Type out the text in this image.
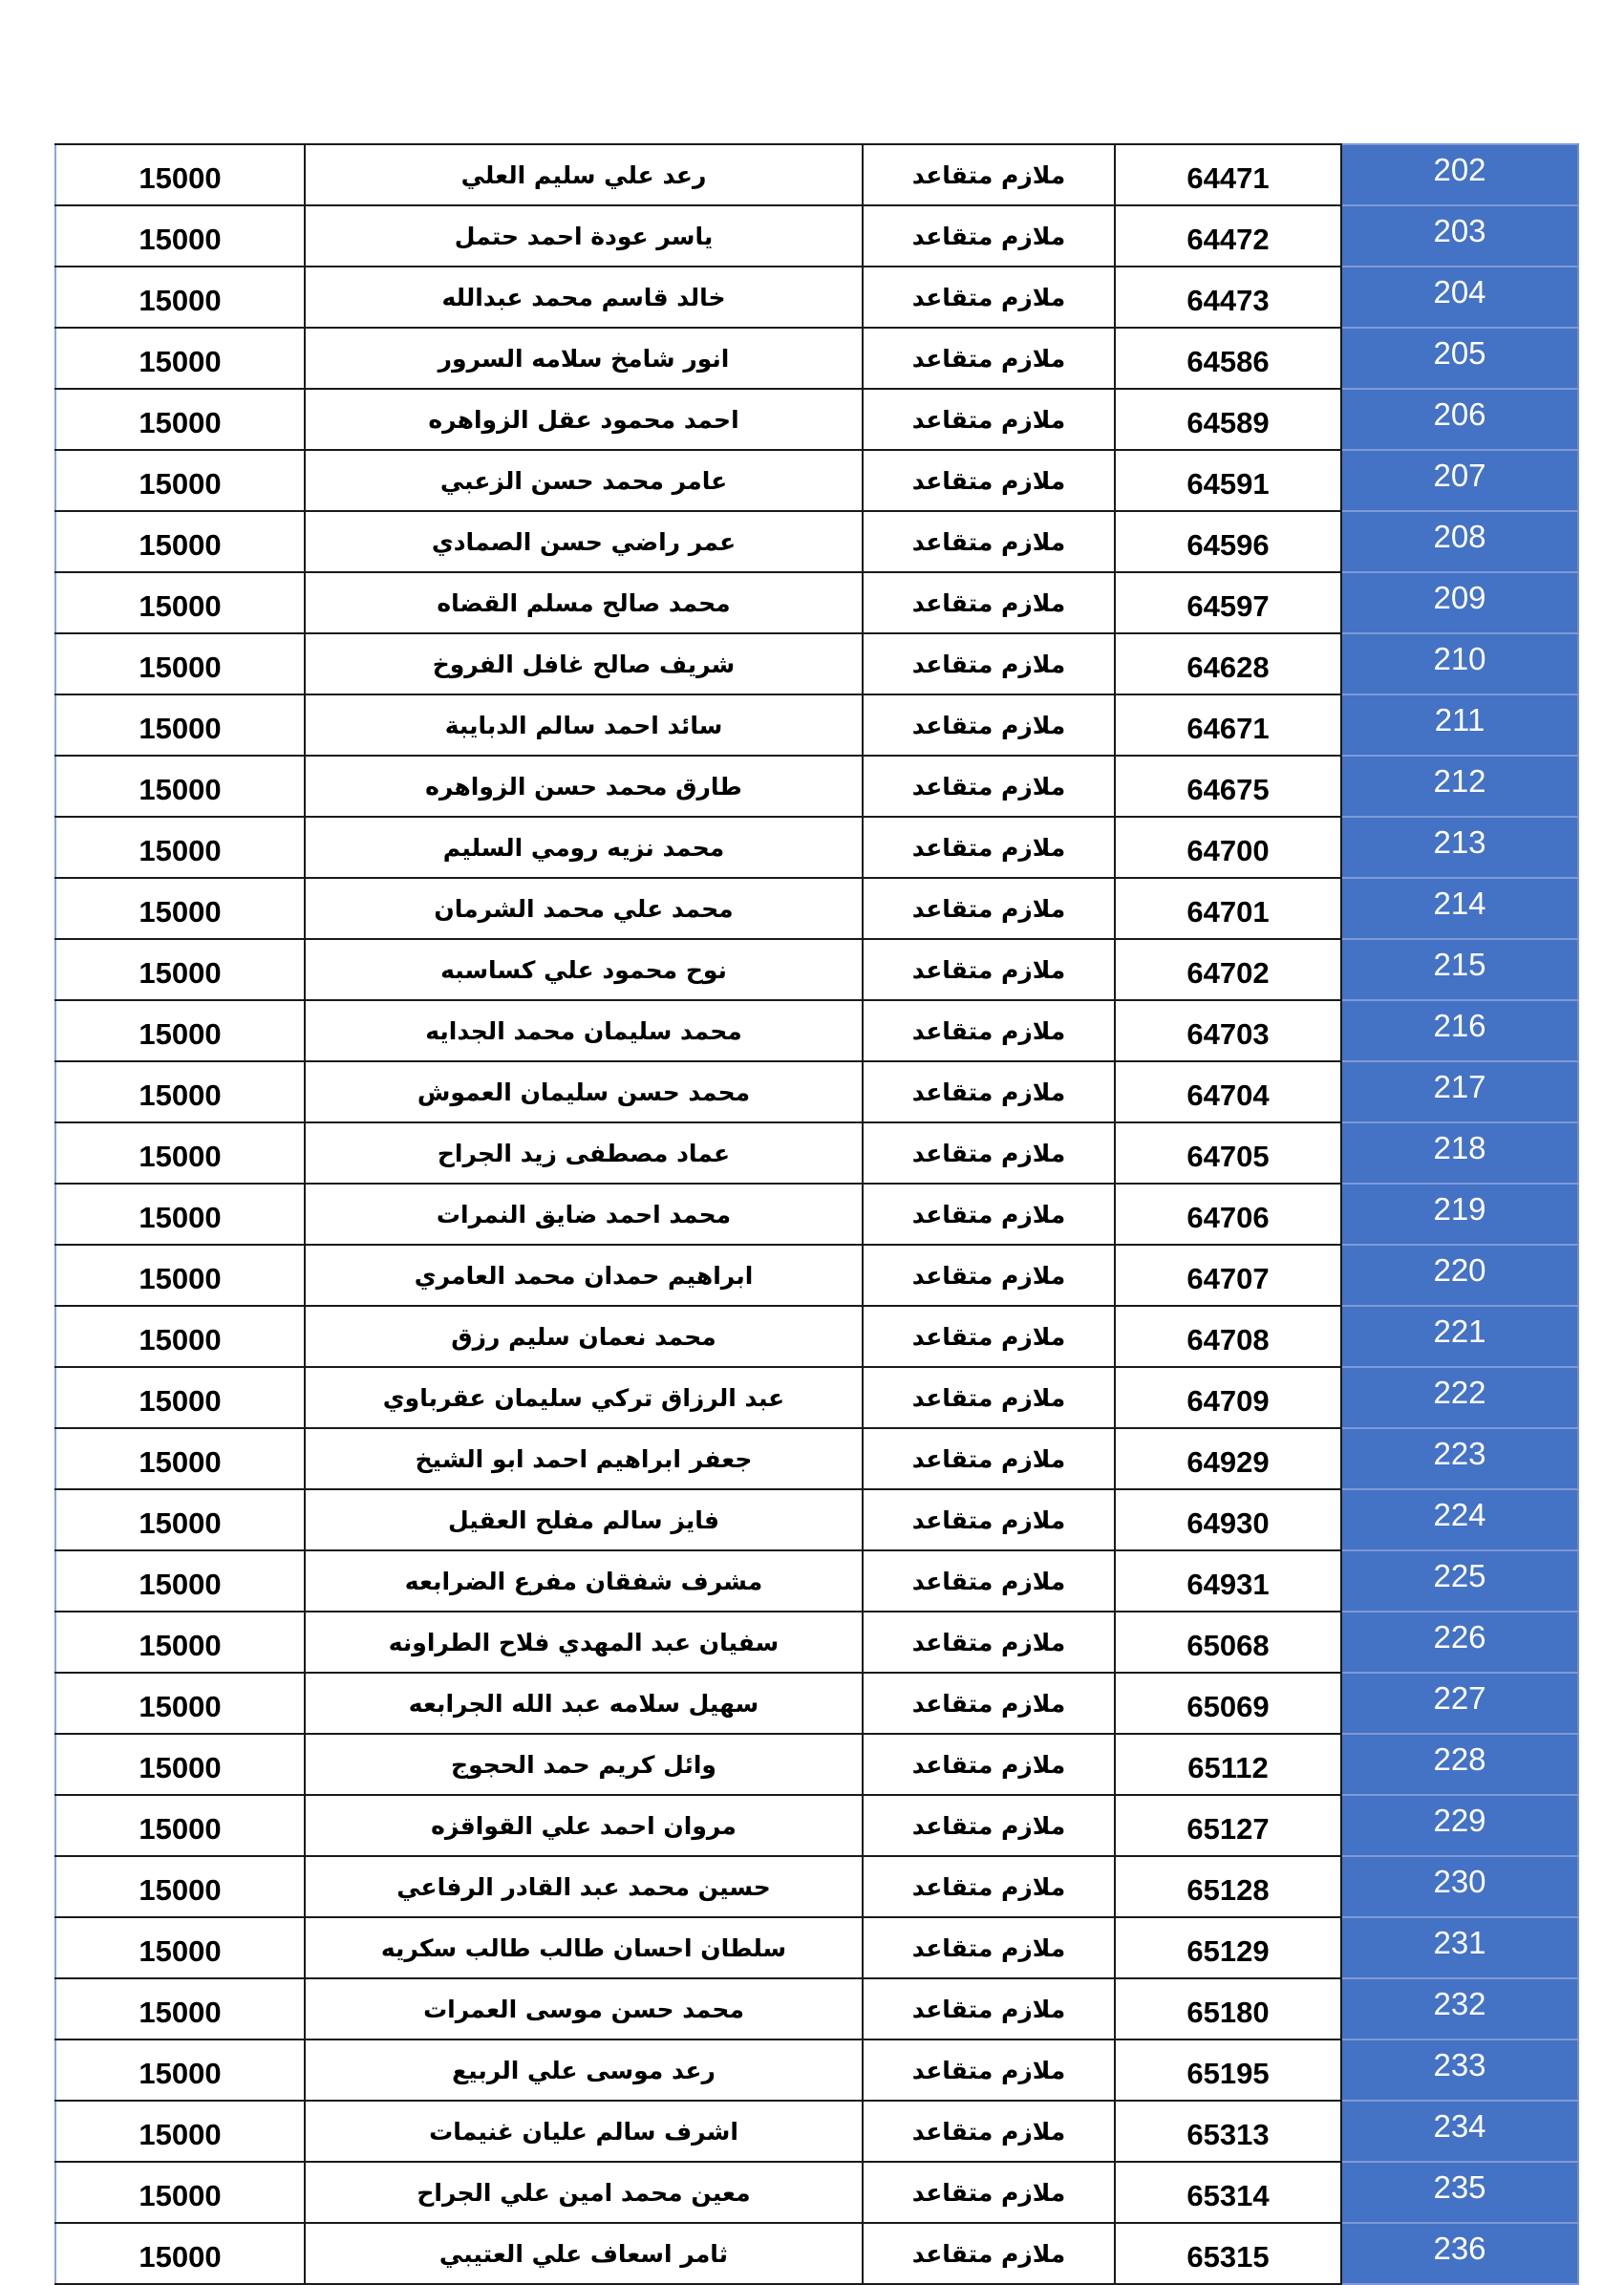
15000	رعد علي سليم العلي	ملازم متقاعد	64471	202
15000	ياسر عودة احمد حتمل	ملازم متقاعد	64472	203
15000	خالد قاسم محمد عبدالله	ملازم متقاعد	64473	204
15000	انور شامخ سلامه السرور	ملازم متقاعد	64586	205
15000	احمد محمود عقل الزواهره	ملازم متقاعد	64589	206
15000	عامر محمد حسن الزعبي	ملازم متقاعد	64591	207
15000	عمر راضي حسن الصمادي	ملازم متقاعد	64596	208
15000	محمد صالح مسلم القضاه	ملازم متقاعد	64597	209
15000	شريف صالح غافل الفروخ	ملازم متقاعد	64628	210
15000	سائد احمد سالم الدبايبة	ملازم متقاعد	64671	211
15000	طارق محمد حسن الزواهره	ملازم متقاعد	64675	212
15000	محمد نزيه رومي السليم	ملازم متقاعد	64700	213
15000	محمد علي محمد الشرمان	ملازم متقاعد	64701	214
15000	نوح محمود علي كساسبه	ملازم متقاعد	64702	215
15000	محمد سليمان محمد الجدايه	ملازم متقاعد	64703	216
15000	محمد حسن سليمان العموش	ملازم متقاعد	64704	217
15000	عماد مصطفى زيد الجراح	ملازم متقاعد	64705	218
15000	محمد احمد ضايق النمرات	ملازم متقاعد	64706	219
15000	ابراهيم حمدان محمد العامري	ملازم متقاعد	64707	220
15000	محمد نعمان سليم رزق	ملازم متقاعد	64708	221
15000	عبد الرزاق تركي سليمان عقرباوي	ملازم متقاعد	64709	222
15000	جعفر ابراهيم احمد ابو الشيخ	ملازم متقاعد	64929	223
15000	فايز سالم مفلح العقيل	ملازم متقاعد	64930	224
15000	مشرف شفقان مفرع الضرابعه	ملازم متقاعد	64931	225
15000	سفيان عبد المهدي فلاح الطراونه	ملازم متقاعد	65068	226
15000	سهيل سلامه عبد الله الجرابعه	ملازم متقاعد	65069	227
15000	وائل كريم حمد الحجوج	ملازم متقاعد	65112	228
15000	مروان احمد علي القواقزه	ملازم متقاعد	65127	229
15000	حسين محمد عبد القادر الرفاعي	ملازم متقاعد	65128	230
15000	سلطان احسان طالب طالب سكريه	ملازم متقاعد	65129	231
15000	محمد حسن موسى العمرات	ملازم متقاعد	65180	232
15000	رعد موسى علي الربيع	ملازم متقاعد	65195	233
15000	اشرف سالم عليان غنيمات	ملازم متقاعد	65313	234
15000	معين محمد امين علي الجراح	ملازم متقاعد	65314	235
15000	ثامر اسعاف علي العتيبي	ملازم متقاعد	65315	236
